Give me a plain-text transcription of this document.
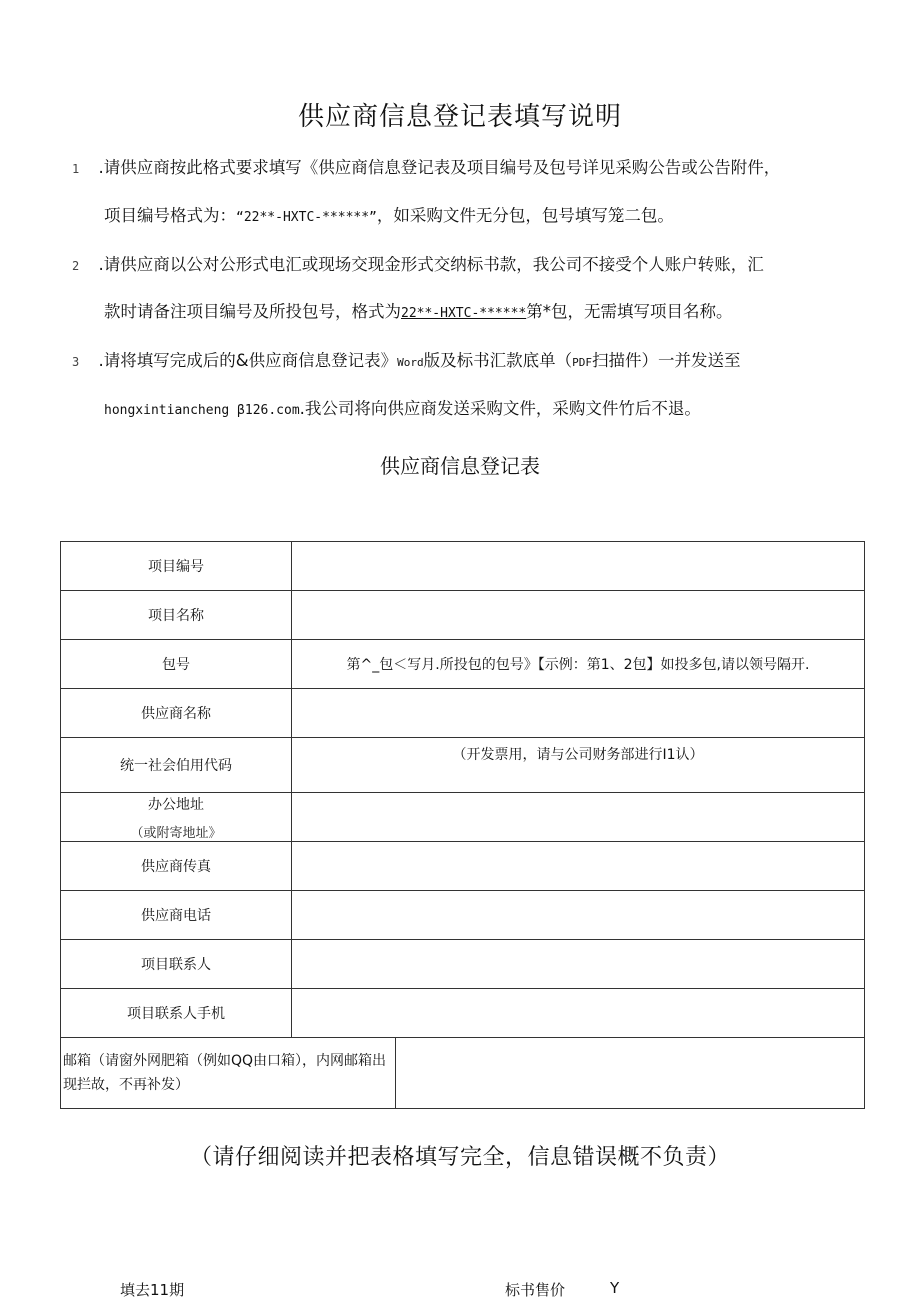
供应商信息登记表填写说明
1 .请供应商按此格式要求填写《供应商信息登记表及项目编号及包号详见采购公告或公告附件，
项目编号格式为：“22**-HXTC-******”，如采购文件无分包，包号填写笼二包。
2 .请供应商以公对公形式电汇或现场交现金形式交纳标书款，我公司不接受个人账户转账，汇
款时请备注项目编号及所投包号，格式为22**-HXTC-******第*包，无需填写项目名称。
3 .请将填写完成后的&供应商信息登记表》Word版及标书汇款底单（PDF扫描件）一并发送至
hongxintiancheng β126.com.我公司将向供应商发送采购文件，采购文件竹后不退。
供应商信息登记表
项目编号		
项目名称		
包号	第^_包＜写月.所投包的包号》【示例：第1、2包】如投多包,请以领号隔开.	
供应商名称		
统一社会伯用代码	（开发票用，请与公司财务部进行I1认）	

办公地址
（或附寄地址》		

供应商传真		
供应商电话		
项目联系人		
项目联系人手机		
邮箱（请窗外网肥箱（例如QQ由口箱），内网邮箱出现拦故，不再补发）		
（请仔细阅读并把表格填写完全，信息错误概不负责）
填去11期	标书售价	Y
